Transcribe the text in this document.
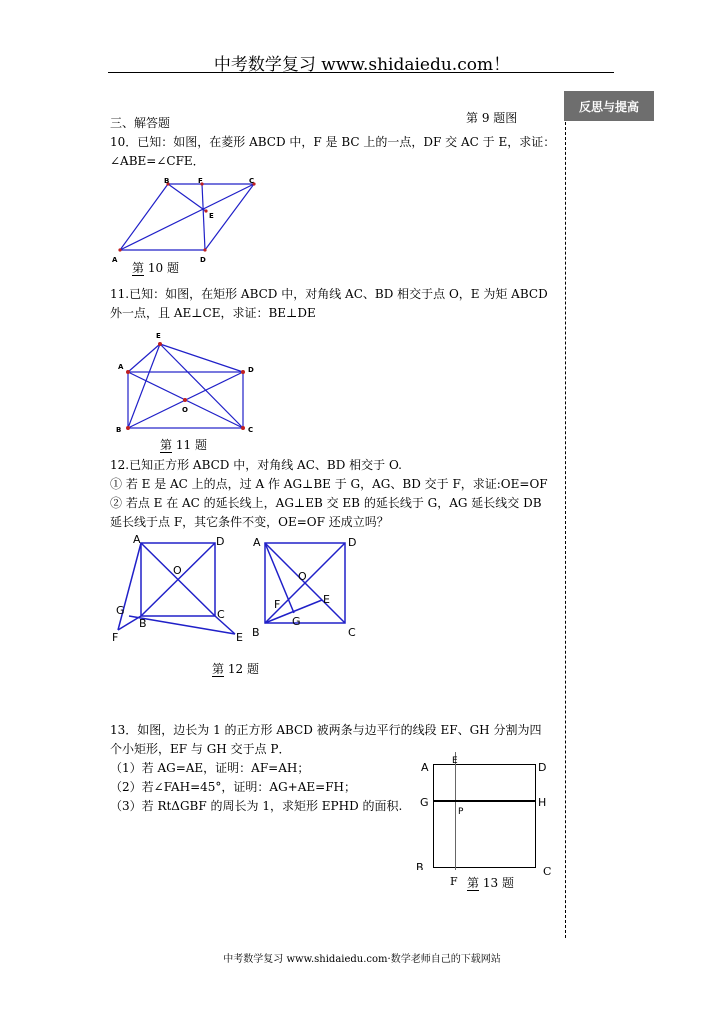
中考数学复习 www.shidaiedu.com！
反思与提高
三、解答题	第 9 题图
10．已知：如图，在菱形 ABCD 中，F 是 BC 上的一点，DF 交 AC 于 E，求证：
∠ABE=∠CFE．
A
B	F	C
E
D
第 10 题
11.已知：如图，在矩形 ABCD 中，对角线 AC、BD 相交于点 O，E 为矩 ABCD
外一点，且 AE⊥CE，求证：BE⊥DE
E
A	D
O
B	C
第 11 题
12.已知正方形 ABCD 中，对角线 AC、BD 相交于 O.
① 若 E 是 AC 上的点，过 A 作 AG⊥BE 于 G，AG、BD 交于 F，求证:OE=OF
② 若点 E 在 AC 的延长线上，AG⊥EB 交 EB 的延长线于 G，AG 延长线交 DB
延长线于点 F，其它条件不变，OE=OF 还成立吗？
A	D
O
G	C
B
F	E
A	D
O
E
F
G
B	C
第 12 题
13．如图，边长为 1 的正方形 ABCD 被两条与边平行的线段 EF、GH 分割为四
个小矩形，EF 与 GH 交于点 P．
（1）若 AG=AE，证明：AF=AH；
（2）若∠FAH=45°，证明：AG+AE=FH；
（3）若 RtΔGBF 的周长为 1，求矩形 EPHD 的面积.
A	E	D
G
P
H
B	C
F 第 13 题
中考数学复习 www.shidaiedu.com·数学老师自己的下载网站
